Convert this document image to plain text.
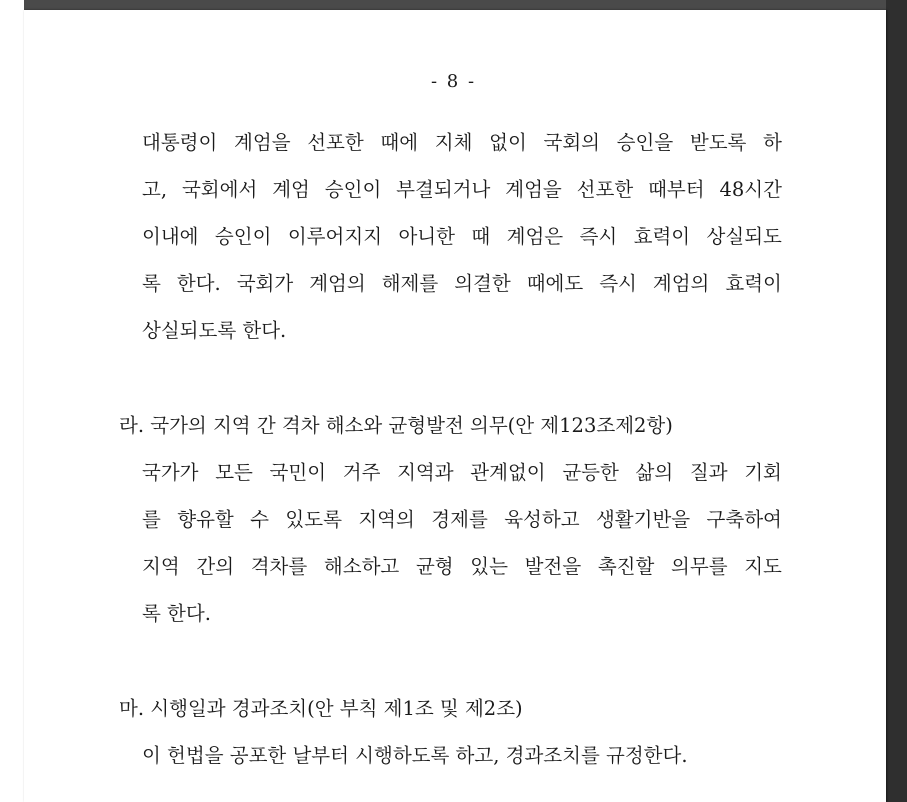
- 8 -
대통령이 계엄을 선포한 때에 지체 없이 국회의 승인을 받도록 하
고, 국회에서 계엄 승인이 부결되거나 계엄을 선포한 때부터 48시간
이내에 승인이 이루어지지 아니한 때 계엄은 즉시 효력이 상실되도
록 한다. 국회가 계엄의 해제를 의결한 때에도 즉시 계엄의 효력이
상실되도록 한다.
라. 국가의 지역 간 격차 해소와 균형발전 의무(안 제123조제2항)
국가가 모든 국민이 거주 지역과 관계없이 균등한 삶의 질과 기회
를 향유할 수 있도록 지역의 경제를 육성하고 생활기반을 구축하여
지역 간의 격차를 해소하고 균형 있는 발전을 촉진할 의무를 지도
록 한다.
마. 시행일과 경과조치(안 부칙 제1조 및 제2조)
이 헌법을 공포한 날부터 시행하도록 하고, 경과조치를 규정한다.
